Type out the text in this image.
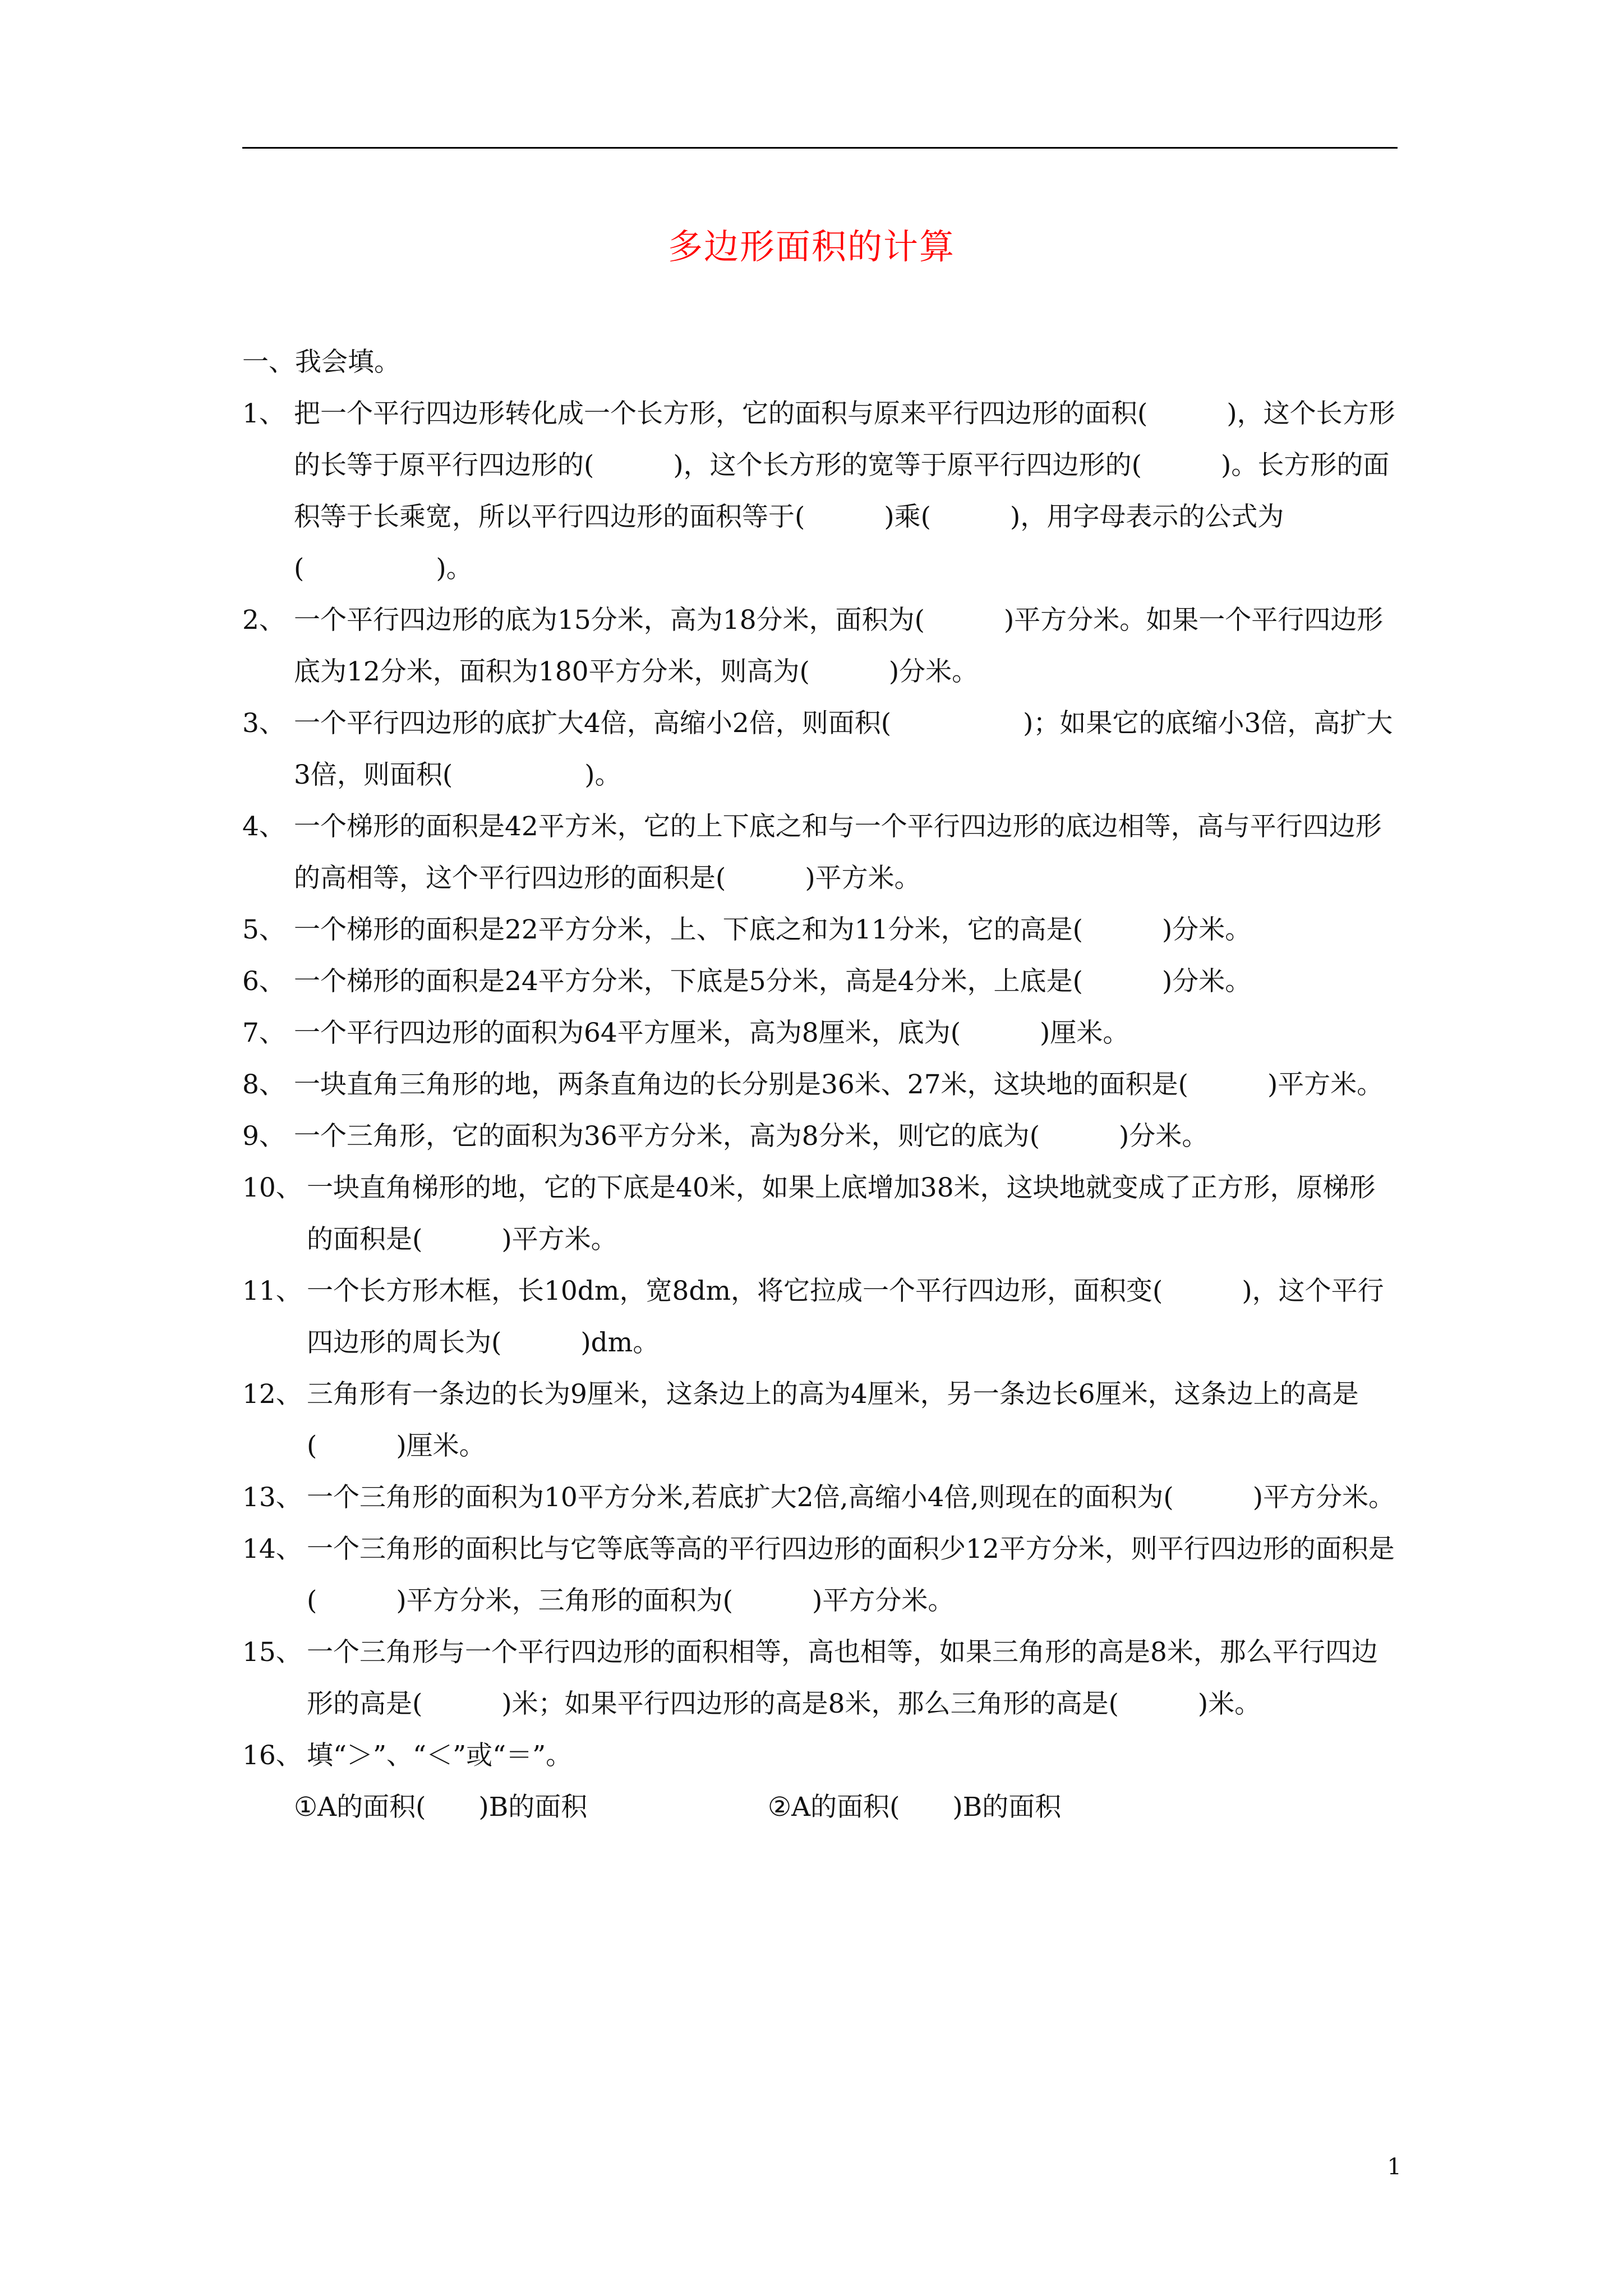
多边形面积的计算
一、我会填。
1、 把一个平行四边形转化成一个长方形，它的面积与原来平行四边形的面积(　　　)，这个长方形的长等于原平行四边形的(　　　)，这个长方形的宽等于原平行四边形的(　　　)。长方形的面积等于长乘宽，所以平行四边形的面积等于(　　　)乘(　　　)，用字母表示的公式为(　　　　　)。
2、 一个平行四边形的底为15分米，高为18分米，面积为(　　　)平方分米。如果一个平行四边形底为12分米，面积为180平方分米，则高为(　　　)分米。
3、 一个平行四边形的底扩大4倍，高缩小2倍，则面积(　　　　　)；如果它的底缩小3倍，高扩大3倍，则面积(　　　　　)。
4、 一个梯形的面积是42平方米，它的上下底之和与一个平行四边形的底边相等，高与平行四边形的高相等，这个平行四边形的面积是(　　　)平方米。
5、 一个梯形的面积是22平方分米，上、下底之和为11分米，它的高是(　　　)分米。
6、 一个梯形的面积是24平方分米，下底是5分米，高是4分米，上底是(　　　)分米。
7、 一个平行四边形的面积为64平方厘米，高为8厘米，底为(　　　)厘米。
8、 一块直角三角形的地，两条直角边的长分别是36米、27米，这块地的面积是(　　　)平方米。
9、 一个三角形，它的面积为36平方分米，高为8分米，则它的底为(　　　)分米。
10、 一块直角梯形的地，它的下底是40米，如果上底增加38米，这块地就变成了正方形，原梯形的面积是(　　　)平方米。
11、 一个长方形木框，长10dm，宽8dm，将它拉成一个平行四边形，面积变(　　　)，这个平行四边形的周长为(　　　)dm。
12、 三角形有一条边的长为9厘米，这条边上的高为4厘米，另一条边长6厘米，这条边上的高是(　　　)厘米。
13、 一个三角形的面积为10平方分米,若底扩大2倍,高缩小4倍,则现在的面积为(　　　)平方分米。
14、 一个三角形的面积比与它等底等高的平行四边形的面积少12平方分米，则平行四边形的面积是(　　　)平方分米，三角形的面积为(　　　)平方分米。
15、 一个三角形与一个平行四边形的面积相等，高也相等，如果三角形的高是8米，那么平行四边形的高是(　　　)米；如果平行四边形的高是8米，那么三角形的高是(　　　)米。
16、 填“＞”、“＜”或“＝”。
①A的面积(　　)B的面积	②A的面积(　　)B的面积
1
